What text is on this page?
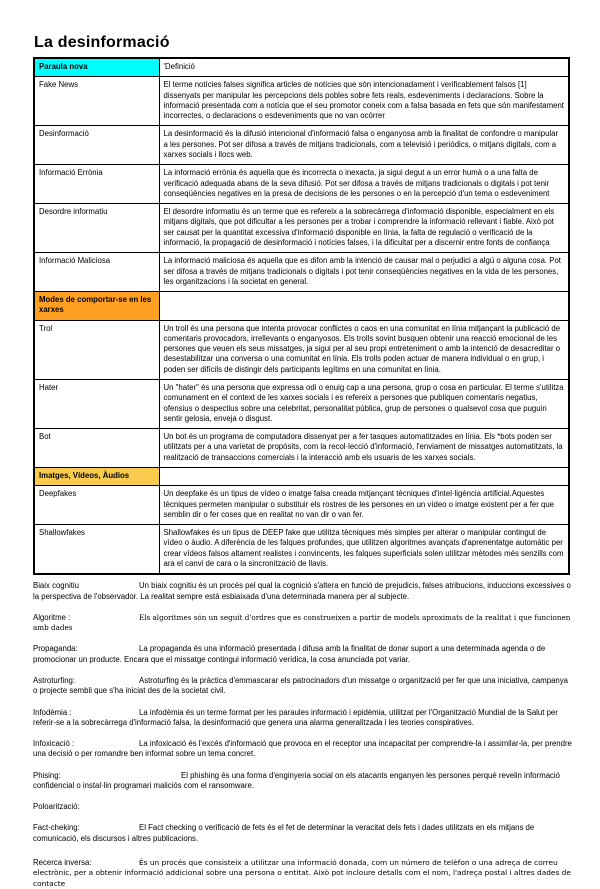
La desinformació
Paraula nova	'Definició
Fake News	El terme notícies falses significa articles de notícies que són intencionadament i verificablement falsos [1] dissenyats per manipular les percepcions dels pobles sobre fets reals, esdeveniments i declaracions. Sobre la informació presentada com a notícia que el seu promotor coneix com a falsa basada en fets que són manifestament incorrectes, o declaracions o esdeveniments que no van ocórrer
Desinformació	La desinformació és la difusió intencional d'informació falsa o enganyosa amb la finalitat de confondre o manipular a les persones. Pot ser difosa a través de mitjans tradicionals, com a televisió i periòdics, o mitjans digitals, com a xarxes socials i llocs web.
Informació Errònia	La informació errònia és aquella que és incorrecta o inexacta, ja sigui degut a un error humà o a una falta de verificació adequada abans de la seva difusió. Pot ser difosa a través de mitjans tradicionals o digitals i pot tenir conseqüències negatives en la presa de decisions de les persones o en la percepció d'un tema o esdeveniment
Desordre informatiu	El desordre informatiu és un terme que es refereix a la sobrecàrrega d'informació disponible, especialment en els mitjans digitals, que pot dificultar a les persones per a trobar i comprendre la informació rellevant i fiable. Això pot ser causat per la quantitat excessiva d'informació disponible en línia, la falta de regulació o verificació de la informació, la propagació de desinformació i notícies falses, i la dificultat per a discernir entre fonts de confiança
Informació Maliciosa	La informació maliciosa és aquella que es difon amb la intenció de causar mal o perjudici a algú o alguna cosa. Pot ser difosa a través de mitjans tradicionals o digitals i pot tenir conseqüències negatives en la vida de les persones, les organitzacions i la societat en general.
Modes de comportar-se en les xarxes	
Trol	Un troll és una persona que intenta provocar conflictes o caos en una comunitat en línia mitjançant la publicació de comentaris provocadors, irrellevants o enganyosos. Els trolls sovint busquen obtenir una reacció emocional de les persones que veuen els seus missatges, ja sigui per al seu propi entreteniment o amb la intenció de desacreditar o desestabilitzar una conversa o una comunitat en línia. Els trolls poden actuar de manera individual o en grup, i poden ser difícils de distingir dels participants legítims en una comunitat en línia.
Hater	Un "hater" és una persona que expressa odi o enuig cap a una persona, grup o cosa en particular. El terme s'utilitza comunament en el context de les xarxes socials i es refereix a persones que publiquen comentaris negatius, ofensius o despectius sobre una celebritat, personalitat pública, grup de persones o qualsevol cosa que puguin sentir gelosia, enveja o disgust.
Bot	Un bot és un programa de computadora dissenyat per a fer tasques automatitzades en línia. Els *bots poden ser utilitzats per a una varietat de propòsits, com la recol·lecció d'informació, l'enviament de missatges automatitzats, la realització de transaccions comercials i la interacció amb els usuaris de les xarxes socials.
Imatges, Vídeos, Àudios	
Deepfakes	Un deepfake és un tipus de vídeo o imatge falsa creada mitjançant tècniques d'intel·ligència artificial.Aquestes tècniques permeten manipular o substituir els rostres de les persones en un vídeo o imatge existent per a fer que semblin dir o fer coses que en realitat no van dir o van fer.
Shallowfakes	Shallowfakes és un tipus de DEEP fake que utilitza tècniques més simples per alterar o manipular contingut de vídeo o àudio. A diferència de les falques profundes, que utilitzen algoritmes avançats d'aprenentatge automàtic per crear vídeos falsos altament realistes i convincents, les falques superficials solen utilitzar mètodes més senzills com ara el canvi de cara o la sincronització de llavis.

Biaix cognitiu	Un biaix cognitiu és un procés pel qual la cognició s'altera en funció de prejudicis, falses atribucions, induccions excessives o la perspectiva de l'observador. La realitat sempre està esbiaixada d'una determinada manera per al subjecte.

Algoritme :	Els algoritmes són un seguit d'ordres que es construeixen a partir de models aproximats de la realitat i que funcionen amb dades

Propaganda:	La propaganda és una informació presentada i difusa amb la finalitat de donar suport a una determinada agenda o de promocionar un producte. Encara que el missatge contingui informació verídica, la cosa anunciada pot variar.

Astroturfing:	Astroturfing és la pràctica d'emmascarar els patrocinadors d'un missatge o organització per fer que una iniciativa, campanya o projecte sembli que s'ha iniciat des de la societat civil.

Infodèmia :	La infodèmia és un terme format per les paraules informació i epidèmia, utilitzat per l'Organització Mundial de la Salut per referir-se a la sobrecàrrega d'informació falsa, la desinformació que genera una alarma generalitzada i les teories conspiratives.

Infoxicació :	La infoxicació és l'excés d'informació que provoca en el receptor una incapacitat per comprendre-la i assimilar-la, per prendre una decisió o per romandre ben informat sobre un tema concret.

Phising:	El phishing és una forma d'enginyeria social on els atacants enganyen les persones perquè revelin informació confidencial o instal·lin programari maliciós com el ransomware.

Poloarització:

Fact-cheking:	El Fact checking o verificació de fets és el fet de determinar la veracitat dels fets i dades utilitzats en els mitjans de comunicació, els discursos i altres publicacions.

Recerca inversa:	És un procés que consisteix a utilitzar una informació donada, com un número de telèfon o una adreça de correu electrònic, per a obtenir informació addicional sobre una persona o entitat. Això pot incloure detalls com el nom, l'adreça postal i altres dades de contacte
